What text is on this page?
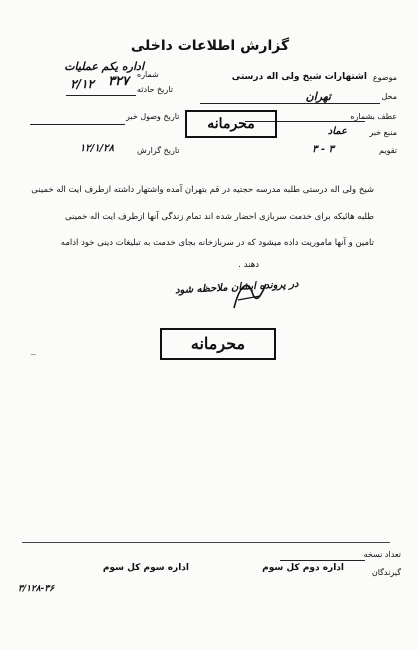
گزارش اطلاعات داخلی
اداره یکم عملیات
شماره
۲/۱۲ ۳۲۷
تاریخ حادثه
تاریخ وصول خبر
تاریخ گزارش
۱۲/۱/۲۸
موضوع
اشتهارات شیخ ولی اله درستی
محل
تهران
عطف بشماره
منبع خبر
عماد
تقویم
۳ - ۳
محرمانه
شیخ ولی اله درستی طلبه مدرسه حجتیه در قم بتهران آمده واشتهار داشته ازطرف ایت اله خمینی
طلبه هائیکه برای خدمت سربازی احضار شده اند تمام زندگی آنها ازطرف ایت اله خمینی
تامین و آنها ماموریت داده میشود که در سربازخانه بجای خدمت به تبلیغات دینی خود ادامه
دهند .
در پرونده ایشان ملاحظه شود
محرمانه
~
تعداد نسخه
گیرندگان
اداره دوم کل سوم
اداره سوم کل سوم
۳/۱۲۸-۳۶
